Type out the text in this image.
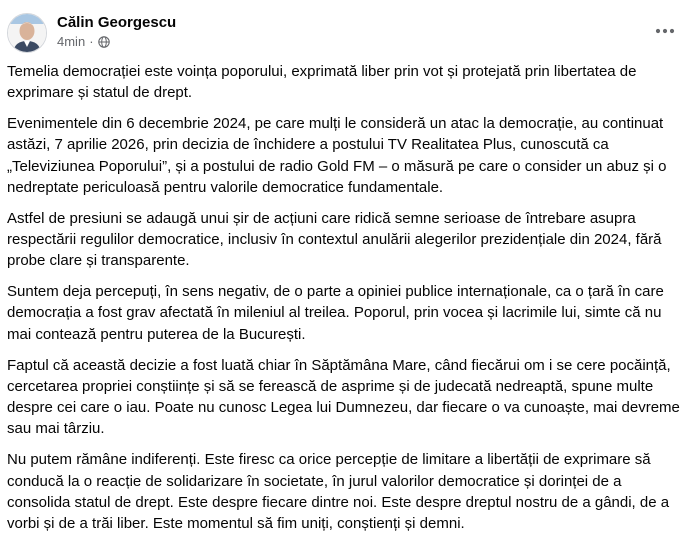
Călin Georgescu
4min ·

Temelia democrației este voința poporului, exprimată liber prin vot și protejată prin libertatea de exprimare și statul de drept.

Evenimentele din 6 decembrie 2024, pe care mulți le consideră un atac la democrație, au continuat astăzi, 7 aprilie 2026, prin decizia de închidere a postului TV Realitatea Plus, cunoscută ca „Televiziunea Poporului”, și a postului de radio Gold FM – o măsură pe care o consider un abuz și o nedreptate periculoasă pentru valorile democratice fundamentale.

Astfel de presiuni se adaugă unui șir de acțiuni care ridică semne serioase de întrebare asupra respectării regulilor democratice, inclusiv în contextul anulării alegerilor prezidențiale din 2024, fără probe clare și transparente.

Suntem deja percepuți, în sens negativ, de o parte a opiniei publice internaționale, ca o țară în care democrația a fost grav afectată în mileniul al treilea. Poporul, prin vocea și lacrimile lui, simte că nu mai contează pentru puterea de la București.

Faptul că această decizie a fost luată chiar în Săptămâna Mare, când fiecărui om i se cere pocăință, cercetarea propriei conștiințe și să se ferească de asprime și de judecată nedreaptă, spune multe despre cei care o iau. Poate nu cunosc Legea lui Dumnezeu, dar fiecare o va cunoaște, mai devreme sau mai târziu.

Nu putem rămâne indiferenți. Este firesc ca orice percepție de limitare a libertății de exprimare să conducă la o reacție de solidarizare în societate, în jurul valorilor democratice și dorinței de a consolida statul de drept. Este despre fiecare dintre noi. Este despre dreptul nostru de a gândi, de a vorbi și de a trăi liber. Este momentul să fim uniți, conștienți și demni.
